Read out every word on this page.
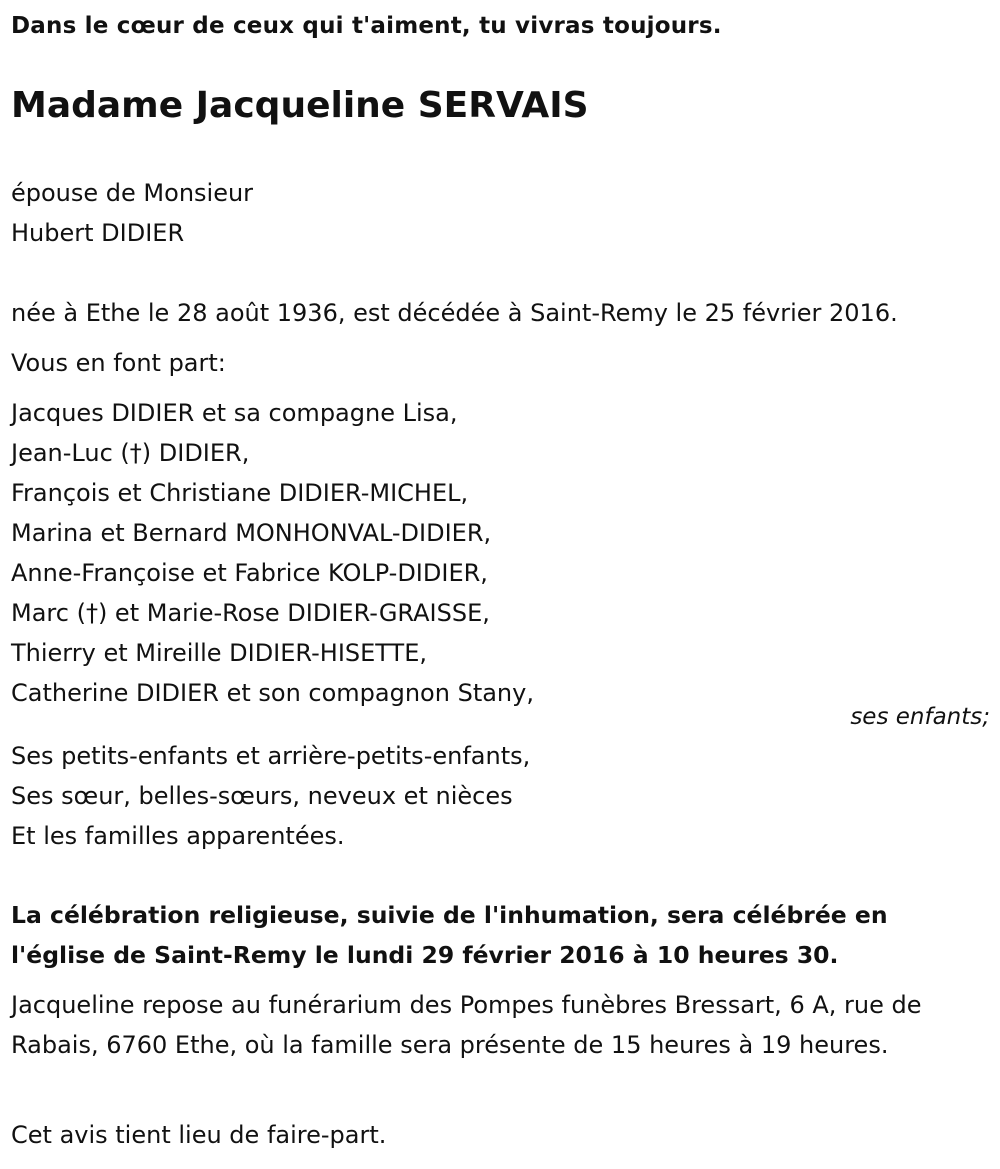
Dans le cœur de ceux qui t'aiment, tu vivras toujours.
Madame Jacqueline SERVAIS
épouse de Monsieur
Hubert DIDIER
née à Ethe le 28 août 1936, est décédée à Saint-Remy le 25 février 2016.
Vous en font part:
Jacques DIDIER et sa compagne Lisa,
Jean-Luc (†) DIDIER,
François et Christiane DIDIER-MICHEL,
Marina et Bernard MONHONVAL-DIDIER,
Anne-Françoise et Fabrice KOLP-DIDIER,
Marc (†) et Marie-Rose DIDIER-GRAISSE,
Thierry et Mireille DIDIER-HISETTE,
Catherine DIDIER et son compagnon Stany,
ses enfants;
Ses petits-enfants et arrière-petits-enfants,
Ses sœur, belles-sœurs, neveux et nièces
Et les familles apparentées.
La célébration religieuse, suivie de l'inhumation, sera célébrée en
l'église de Saint-Remy le lundi 29 février 2016 à 10 heures 30.
Jacqueline repose au funérarium des Pompes funèbres Bressart, 6 A, rue de Rabais, 6760 Ethe, où la famille sera présente de 15 heures à 19 heures.
Cet avis tient lieu de faire-part.
